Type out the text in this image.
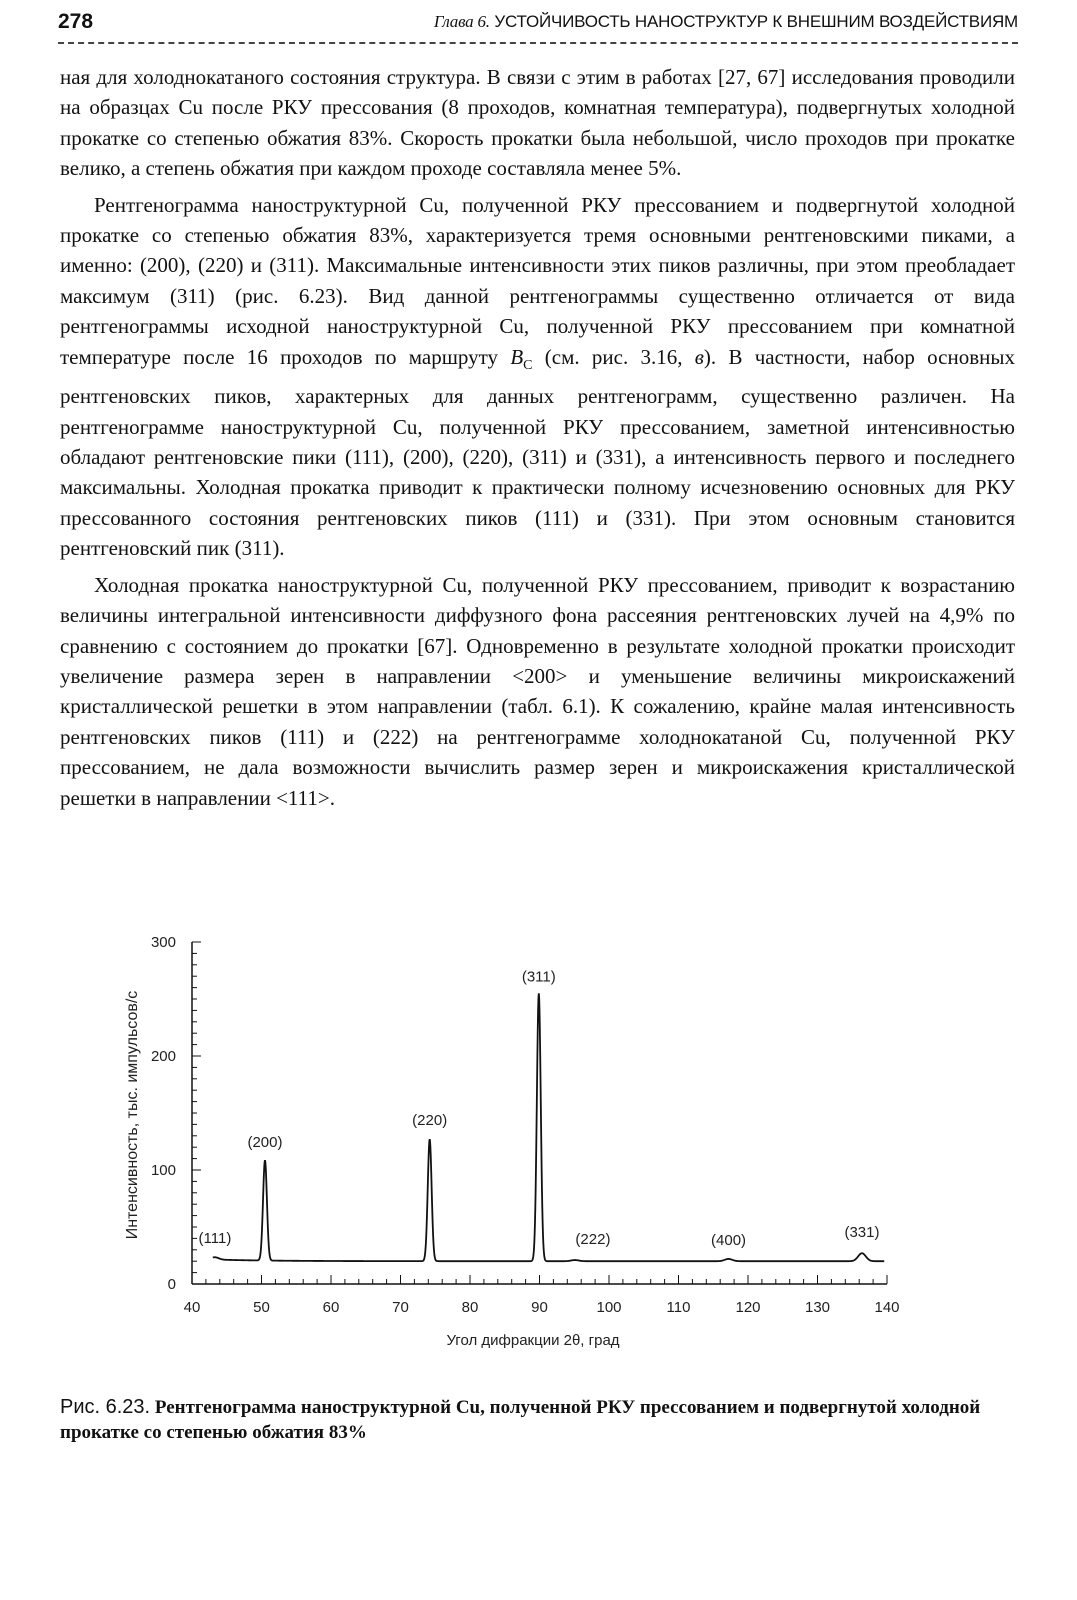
278	Глава 6. УСТОЙЧИВОСТЬ НАНОСТРУКТУР К ВНЕШНИМ ВОЗДЕЙСТВИЯМ

ная для холоднокатаного состояния структура. В связи с этим в работах [27, 67] исследования проводили на образцах Cu после РКУ прессования (8 проходов, комнатная температура), подвергнутых холодной прокатке со степенью обжатия 83%. Скорость прокатки была небольшой, число проходов при прокатке велико, а степень обжатия при каждом проходе составляла менее 5%.

Рентгенограмма наноструктурной Cu, полученной РКУ прессованием и подвергнутой холодной прокатке со степенью обжатия 83%, характеризуется тремя основными рентгеновскими пиками, а именно: (200), (220) и (311). Максимальные интенсивности этих пиков различны, при этом преобладает максимум (311) (рис. 6.23). Вид данной рентгенограммы существенно отличается от вида рентгенограммы исходной наноструктурной Cu, полученной РКУ прессованием при комнатной температуре после 16 проходов по маршруту $B_C$ (см. рис. 3.16, в). В частности, набор основных рентгеновских пиков, характерных для данных рентгенограмм, существенно различен. На рентгенограмме наноструктурной Cu, полученной РКУ прессованием, заметной интенсивностью обладают рентгеновские пики (111), (200), (220), (311) и (331), а интенсивность первого и последнего максимальны. Холодная прокатка приводит к практически полному исчезновению основных для РКУ прессованного состояния рентгеновских пиков (111) и (331). При этом основным становится рентгеновский пик (311).

Холодная прокатка наноструктурной Cu, полученной РКУ прессованием, приводит к возрастанию величины интегральной интенсивности диффузного фона рассеяния рентгеновских лучей на 4,9% по сравнению с состоянием до прокатки [67]. Одновременно в результате холодной прокатки происходит увеличение размера зерен в направлении <200> и уменьшение величины микроискажений кристаллической решетки в этом направлении (табл. 6.1). К сожалению, крайне малая интенсивность рентгеновских пиков (111) и (222) на рентгенограмме холоднокатаной Cu, полученной РКУ прессованием, не дала возможности вычислить размер зерен и микроискажения кристаллической решетки в направлении <111>.

Интенсивность, тыс. импульсов/с
Угол дифракции 2θ, град
0
100
200
300
40	50	60	70	80	90	100	110	120	130	140
(111)
(200)
(220)
(311)
(222)	(400)	(331)
Рис. 6.23. Рентгенограмма наноструктурной Cu, полученной РКУ прессованием и подвергнутой холодной прокатке со степенью обжатия 83%
